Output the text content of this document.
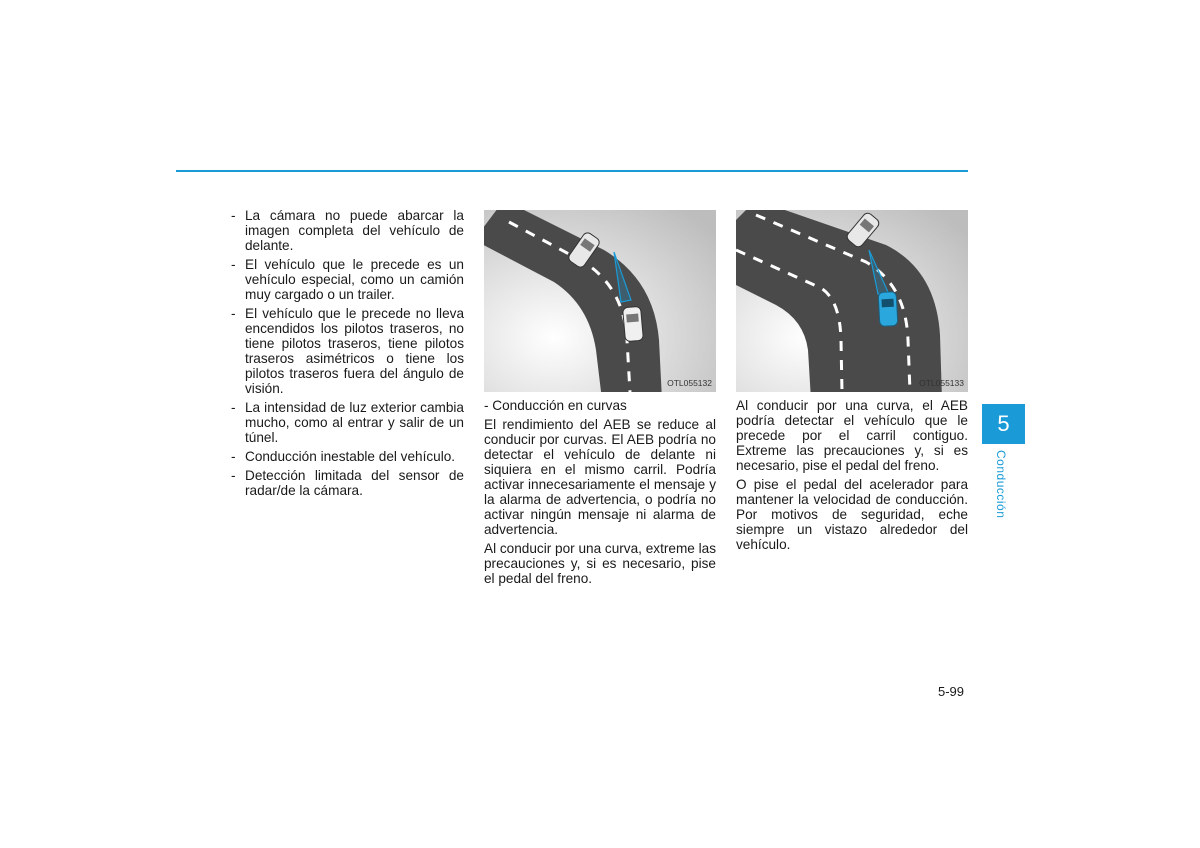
- La cámara no puede abarcar la imagen completa del vehículo de delante.
- El vehículo que le precede es un vehículo especial, como un camión muy cargado o un trailer.
- El vehículo que le precede no lleva encendidos los pilotos traseros, no tiene pilotos traseros, tiene pilotos traseros asimétricos o tiene los pilotos traseros fuera del ángulo de visión.
- La intensidad de luz exterior cambia mucho, como al entrar y salir de un túnel.
- Conducción inestable del vehículo.
- Detección limitada del sensor de radar/de la cámara.
OTL055132

- Conducción en curvas

El rendimiento del AEB se reduce al conducir por curvas. El AEB podría no detectar el vehículo de delante ni siquiera en el mismo carril. Podría activar innecesariamente el mensaje y la alarma de advertencia, o podría no activar ningún mensaje ni alarma de advertencia.

Al conducir por una curva, extreme las precauciones y, si es necesario, pise el pedal del freno.

OTL055133

Al conducir por una curva, el AEB podría detectar el vehículo que le precede por el carril contiguo. Extreme las precauciones y, si es necesario, pise el pedal del freno.

O pise el pedal del acelerador para mantener la velocidad de conducción. Por motivos de seguridad, eche siempre un vistazo alrededor del vehículo.

5
Conducción
5-99
